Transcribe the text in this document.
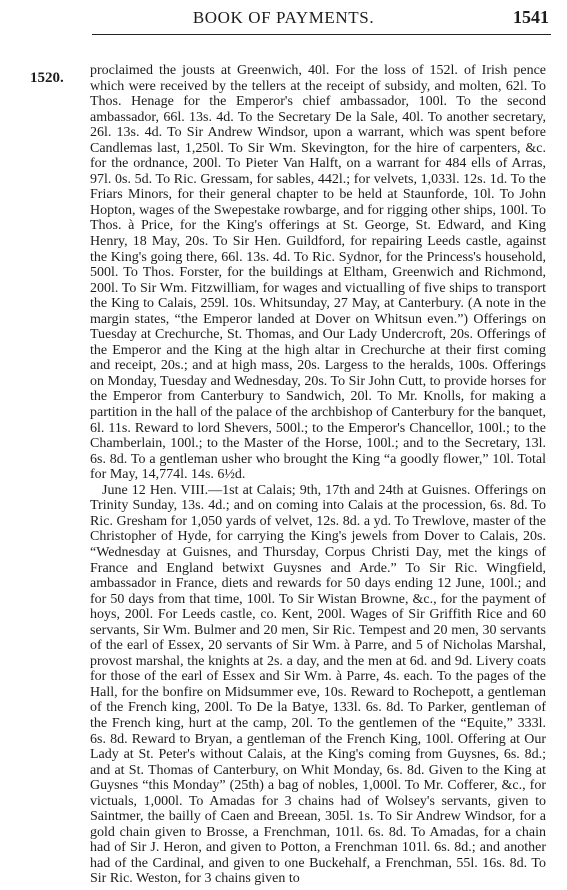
BOOK OF PAYMENTS.	1541
1520. proclaimed the jousts at Greenwich, 40l. For the loss of 152l. of Irish pence which were received by the tellers at the receipt of subsidy, and molten, 62l. To Thos. Henage for the Emperor's chief ambassador, 100l. To the second ambassador, 66l. 13s. 4d. To the Secretary De la Sale, 40l. To another secretary, 26l. 13s. 4d. To Sir Andrew Windsor, upon a warrant, which was spent before Candlemas last, 1,250l. To Sir Wm. Skevington, for the hire of carpenters, &c. for the ordnance, 200l. To Pieter Van Halft, on a warrant for 484 ells of Arras, 97l. 0s. 5d. To Ric. Gressam, for sables, 442l.; for velvets, 1,033l. 12s. 1d. To the Friars Minors, for their general chapter to be held at Staunforde, 10l. To John Hopton, wages of the Swepestake rowbarge, and for rigging other ships, 100l. To Thos. à Price, for the King's offerings at St. George, St. Edward, and King Henry, 18 May, 20s. To Sir Hen. Guildford, for repairing Leeds castle, against the King's going there, 66l. 13s. 4d. To Ric. Sydnor, for the Princess's household, 500l. To Thos. Forster, for the buildings at Eltham, Greenwich and Richmond, 200l. To Sir Wm. Fitzwilliam, for wages and victualling of five ships to transport the King to Calais, 259l. 10s. Whitsunday, 27 May, at Canterbury. (A note in the margin states, “the Emperor landed at Dover on Whitsun even.”) Offerings on Tuesday at Crechurche, St. Thomas, and Our Lady Undercroft, 20s. Offerings of the Emperor and the King at the high altar in Crechurche at their first coming and receipt, 20s.; and at high mass, 20s. Largess to the heralds, 100s. Offerings on Monday, Tuesday and Wednesday, 20s. To Sir John Cutt, to provide horses for the Emperor from Canterbury to Sandwich, 20l. To Mr. Knolls, for making a partition in the hall of the palace of the archbishop of Canterbury for the banquet, 6l. 11s. Reward to lord Shevers, 500l.; to the Emperor's Chancellor, 100l.; to the Chamberlain, 100l.; to the Master of the Horse, 100l.; and to the Secretary, 13l. 6s. 8d. To a gentleman usher who brought the King “a goodly flower,” 10l. Total for May, 14,774l. 14s. 6½d.

June 12 Hen. VIII.—1st at Calais; 9th, 17th and 24th at Guisnes. Offerings on Trinity Sunday, 13s. 4d.; and on coming into Calais at the procession, 6s. 8d. To Ric. Gresham for 1,050 yards of velvet, 12s. 8d. a yd. To Trewlove, master of the Christopher of Hyde, for carrying the King's jewels from Dover to Calais, 20s. “Wednesday at Guisnes, and Thursday, Corpus Christi Day, met the kings of France and England betwixt Guysnes and Arde.” To Sir Ric. Wingfield, ambassador in France, diets and rewards for 50 days ending 12 June, 100l.; and for 50 days from that time, 100l. To Sir Wistan Browne, &c., for the payment of hoys, 200l. For Leeds castle, co. Kent, 200l. Wages of Sir Griffith Rice and 60 servants, Sir Wm. Bulmer and 20 men, Sir Ric. Tempest and 20 men, 30 servants of the earl of Essex, 20 servants of Sir Wm. à Parre, and 5 of Nicholas Marshal, provost marshal, the knights at 2s. a day, and the men at 6d. and 9d. Livery coats for those of the earl of Essex and Sir Wm. à Parre, 4s. each. To the pages of the Hall, for the bonfire on Midsummer eve, 10s. Reward to Rochepott, a gentleman of the French king, 200l. To De la Batye, 133l. 6s. 8d. To Parker, gentleman of the French king, hurt at the camp, 20l. To the gentlemen of the “Equite,” 333l. 6s. 8d. Reward to Bryan, a gentleman of the French King, 100l. Offering at Our Lady at St. Peter's without Calais, at the King's coming from Guysnes, 6s. 8d.; and at St. Thomas of Canterbury, on Whit Monday, 6s. 8d. Given to the King at Guysnes “this Monday” (25th) a bag of nobles, 1,000l. To Mr. Cofferer, &c., for victuals, 1,000l. To Amadas for 3 chains had of Wolsey's servants, given to Saintmer, the bailly of Caen and Breean, 305l. 1s. To Sir Andrew Windsor, for a gold chain given to Brosse, a Frenchman, 101l. 6s. 8d. To Amadas, for a chain had of Sir J. Heron, and given to Potton, a Frenchman 101l. 6s. 8d.; and another had of the Cardinal, and given to one Buckehalf, a Frenchman, 55l. 16s. 8d. To Sir Ric. Weston, for 3 chains given to
